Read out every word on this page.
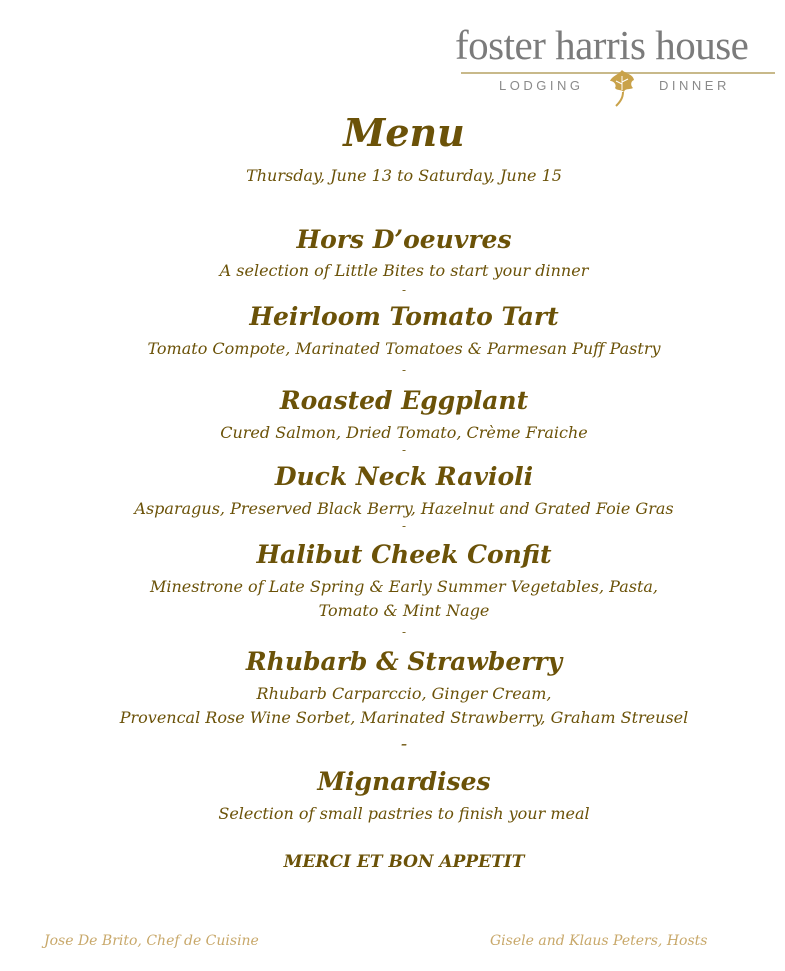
foster harris house
LODGING	DINNER
Menu
Thursday, June 13 to Saturday, June 15
Hors D’oeuvres
A selection of Little Bites to start your dinner
-
Heirloom Tomato Tart
Tomato Compote, Marinated Tomatoes & Parmesan Puff Pastry
-
Roasted Eggplant
Cured Salmon, Dried Tomato, Crème Fraiche
-
Duck Neck Ravioli
Asparagus, Preserved Black Berry, Hazelnut and Grated Foie Gras
-
Halibut Cheek Confit
Minestrone of Late Spring & Early Summer Vegetables, Pasta,
Tomato & Mint Nage
-
Rhubarb & Strawberry
Rhubarb Carparccio, Ginger Cream,
Provencal Rose Wine Sorbet, Marinated Strawberry, Graham Streusel
–
Mignardises
Selection of small pastries to finish your meal
MERCI ET BON APPETIT
Jose De Brito, Chef de Cuisine	Gisele and Klaus Peters, Hosts
